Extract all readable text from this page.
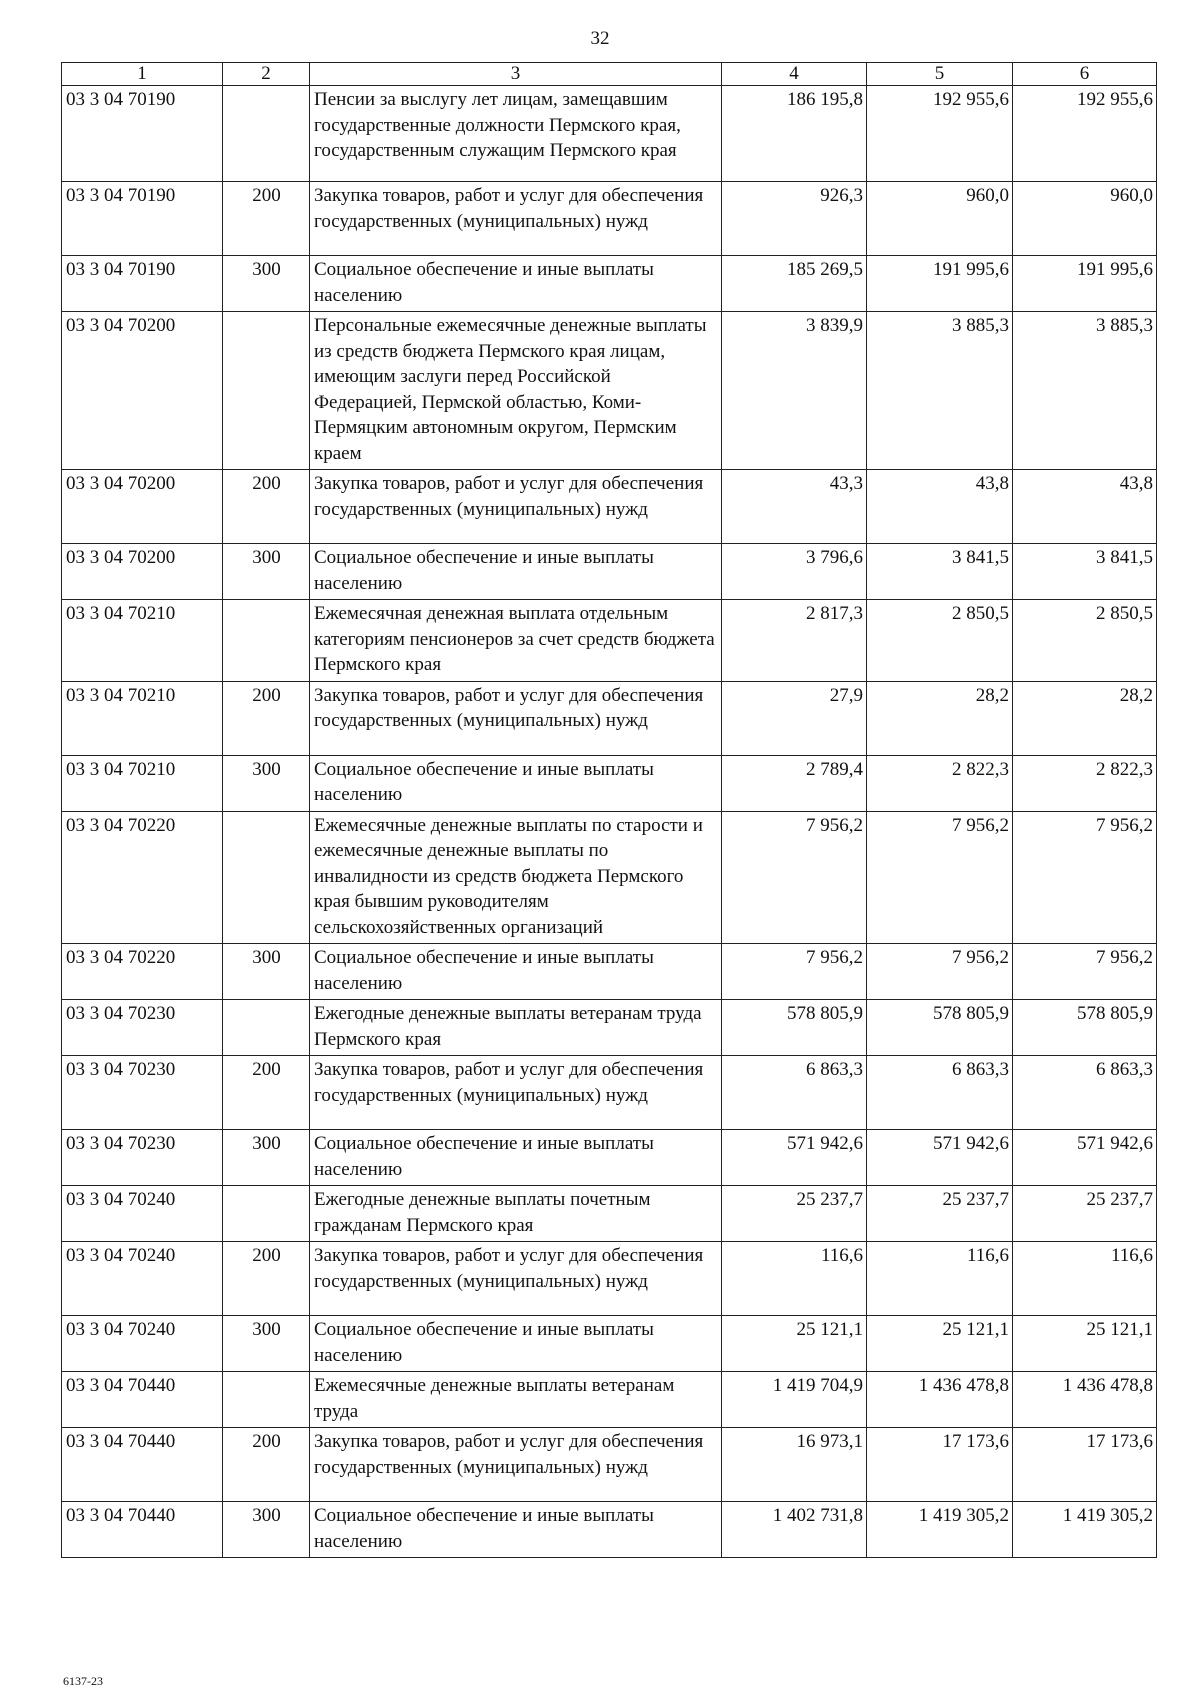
32
1	2	3	4	5	6
03 3 04 70190		Пенсии за выслугу лет лицам, замещавшим государственные должности Пермского края, государственным служащим Пермского края	186 195,8	192 955,6	192 955,6
03 3 04 70190	200	Закупка товаров, работ и услуг для обеспечения государственных (муниципальных) нужд	926,3	960,0	960,0
03 3 04 70190	300	Социальное обеспечение и иные выплаты населению	185 269,5	191 995,6	191 995,6
03 3 04 70200		Персональные ежемесячные денежные выплаты из средств бюджета Пермского края лицам, имеющим заслуги перед Российской Федерацией, Пермской областью, Коми-Пермяцким автономным округом, Пермским краем	3 839,9	3 885,3	3 885,3
03 3 04 70200	200	Закупка товаров, работ и услуг для обеспечения государственных (муниципальных) нужд	43,3	43,8	43,8
03 3 04 70200	300	Социальное обеспечение и иные выплаты населению	3 796,6	3 841,5	3 841,5
03 3 04 70210		Ежемесячная денежная выплата отдельным категориям пенсионеров за счет средств бюджета Пермского края	2 817,3	2 850,5	2 850,5
03 3 04 70210	200	Закупка товаров, работ и услуг для обеспечения государственных (муниципальных) нужд	27,9	28,2	28,2
03 3 04 70210	300	Социальное обеспечение и иные выплаты населению	2 789,4	2 822,3	2 822,3
03 3 04 70220		Ежемесячные денежные выплаты по старости и ежемесячные денежные выплаты по инвалидности из средств бюджета Пермского края бывшим руководителям сельскохозяйственных организаций	7 956,2	7 956,2	7 956,2
03 3 04 70220	300	Социальное обеспечение и иные выплаты населению	7 956,2	7 956,2	7 956,2
03 3 04 70230		Ежегодные денежные выплаты ветеранам труда Пермского края	578 805,9	578 805,9	578 805,9
03 3 04 70230	200	Закупка товаров, работ и услуг для обеспечения государственных (муниципальных) нужд	6 863,3	6 863,3	6 863,3
03 3 04 70230	300	Социальное обеспечение и иные выплаты населению	571 942,6	571 942,6	571 942,6
03 3 04 70240		Ежегодные денежные выплаты почетным гражданам Пермского края	25 237,7	25 237,7	25 237,7
03 3 04 70240	200	Закупка товаров, работ и услуг для обеспечения государственных (муниципальных) нужд	116,6	116,6	116,6
03 3 04 70240	300	Социальное обеспечение и иные выплаты населению	25 121,1	25 121,1	25 121,1
03 3 04 70440		Ежемесячные денежные выплаты ветеранам труда	1 419 704,9	1 436 478,8	1 436 478,8
03 3 04 70440	200	Закупка товаров, работ и услуг для обеспечения государственных (муниципальных) нужд	16 973,1	17 173,6	17 173,6
03 3 04 70440	300	Социальное обеспечение и иные выплаты населению	1 402 731,8	1 419 305,2	1 419 305,2
6137-23
